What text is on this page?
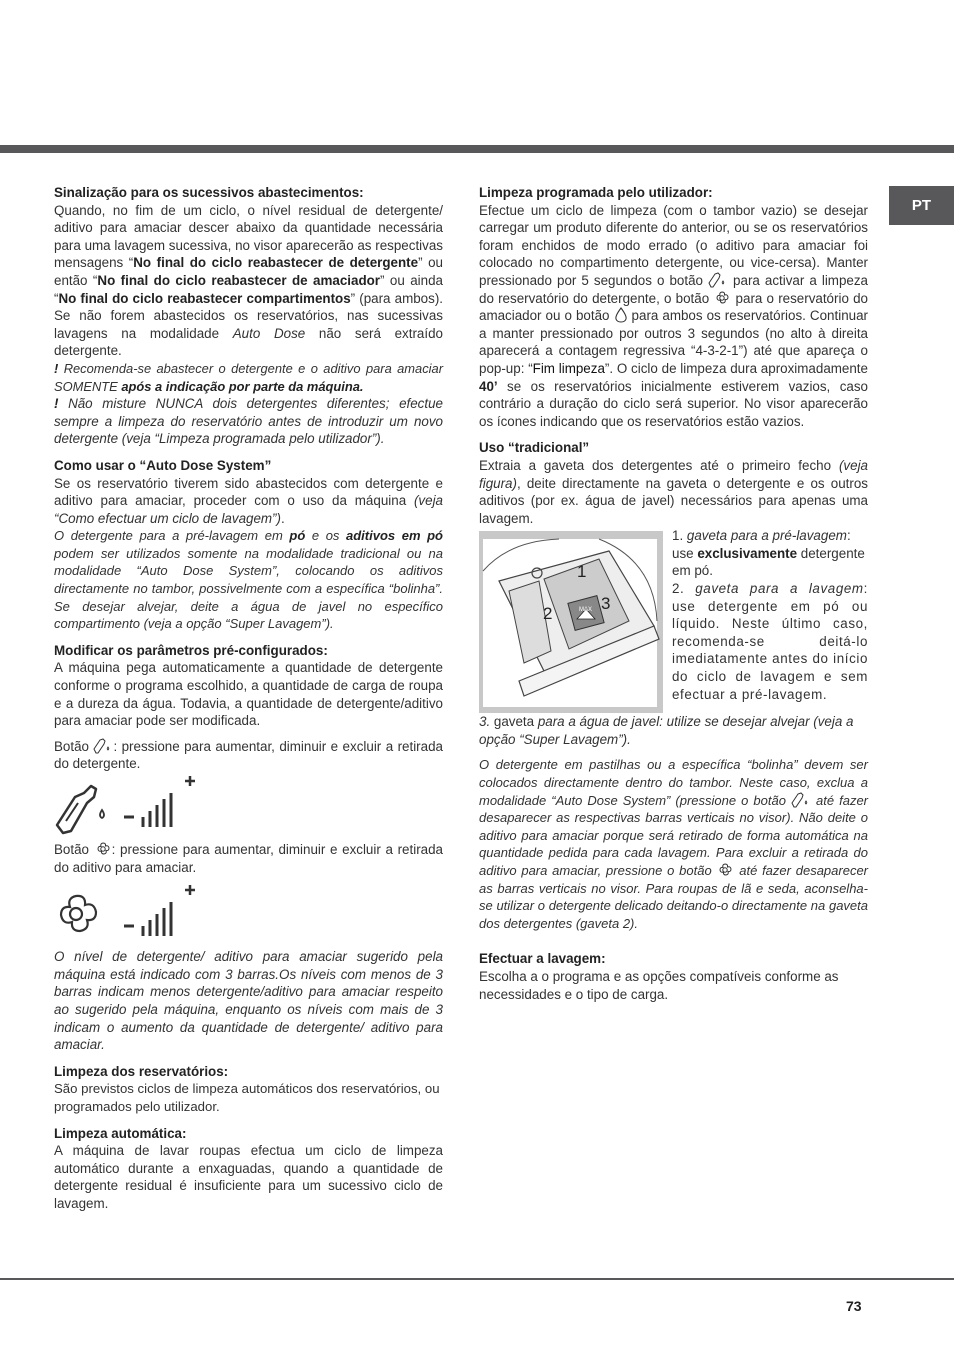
PT

Sinalização para os sucessivos abastecimentos:

Quando, no fim de um ciclo, o nível residual de detergente/ aditivo para amaciar descer abaixo da quantidade necessária para uma lavagem sucessiva, no visor aparecerão as respectivas mensagens “No final do ciclo reabastecer de detergente” ou então “No final do ciclo reabastecer de amaciador” ou ainda “No final do ciclo reabastecer compartimentos” (para ambos). Se não forem abastecidos os reservatórios, nas sucessivas lavagens na modalidade Auto Dose não será extraído detergente.

! Recomenda-se abastecer o detergente e o aditivo para amaciar SOMENTE após a indicação por parte da máquina.

! Não misture NUNCA dois detergentes diferentes; efectue sempre a limpeza do reservatório antes de introduzir um novo detergente (veja “Limpeza programada pelo utilizador”).

Como usar o “Auto Dose System”

Se os reservatório tiverem sido abastecidos com detergente e aditivo para amaciar, proceder com o uso da máquina (veja “Como efectuar um ciclo de lavagem”).

O detergente para a pré-lavagem em pó e os aditivos em pó podem ser utilizados somente na modalidade tradicional ou na modalidade “Auto Dose System”, colocando os aditivos directamente no tambor, possivelmente com a específica “bolinha”. Se desejar alvejar, deite a água de javel no específico compartimento (veja a opção “Super Lavagem”).

Modificar os parâmetros pré-configurados:

A máquina pega automaticamente a quantidade de detergente conforme o programa escolhido, a quantidade de carga de roupa e a dureza da água. Todavia, a quantidade de detergente/aditivo para amaciar pode ser modificada.

Botão : pressione para aumentar, diminuir e excluir a retirada do detergente.

Botão : pressione para aumentar, diminuir e excluir a retirada do aditivo para amaciar.

O nível de detergente/ aditivo para amaciar sugerido pela máquina está indicado com 3 barras.Os níveis com menos de 3 barras indicam menos detergente/aditivo para amaciar respeito ao sugerido pela máquina, enquanto os níveis com mais de 3 indicam o aumento da quantidade de detergente/ aditivo para amaciar.

Limpeza dos reservatórios:

São previstos ciclos de limpeza automáticos dos reservatórios, ou programados pelo utilizador.

Limpeza automática:

A máquina de lavar roupas efectua um ciclo de limpeza automático durante a enxaguadas, quando a quantidade de detergente residual é insuficiente para um sucessivo ciclo de lavagem.

Limpeza programada pelo utilizador:

Efectue um ciclo de limpeza (com o tambor vazio) se desejar carregar um produto diferente do anterior, ou se os reservatórios foram enchidos de modo errado (o aditivo para amaciar foi colocado no compartimento detergente, ou vice-cersa). Manter pressionado por 5 segundos o botão  para activar a limpeza do reservatório do detergente, o botão  para o reservatório do amaciador ou o botão  para ambos os reservatórios. Continuar a manter pressionado por outros 3 segundos (no alto à direita aparecerá a contagem regressiva “4-3-2-1”) até que apareça o pop-up: “Fim limpeza”. O ciclo de limpeza dura aproximadamente 40’ se os reservatórios inicialmente estiverem vazios, caso contrário a duração do ciclo será superior. No visor aparecerão os ícones indicando que os reservatórios estão vazios.

Uso “tradicional”

Extraia a gaveta dos detergentes até o primeiro fecho (veja figura), deite directamente na gaveta o detergente e os outros aditivos (por ex. água de javel) necessários para apenas uma lavagem.

1
2
3
MAX

1. gaveta para a pré-lavagem: use exclusivamente detergente em pó.

2. gaveta para a lavagem: use detergente em pó ou líquido. Neste último caso, recomenda-se deitá-lo imediatamente antes do início do ciclo de lavagem e sem efectuar a pré-lavagem.

3. gaveta para a água de javel: utilize se desejar alvejar (veja a opção “Super Lavagem”).

O detergente em pastilhas ou a específica “bolinha” devem ser colocados directamente dentro do tambor. Neste caso, exclua a modalidade “Auto Dose System” (pressione o botão  até fazer desaparecer as respectivas barras verticais no visor). Não deite o aditivo para amaciar porque será retirado de forma automática na quantidade pedida para cada lavagem. Para excluir a retirada do aditivo para amaciar, pressione o botão  até fazer desaparecer as barras verticais no visor. Para roupas de lã e seda, aconselha-se utilizar o detergente delicado deitando-o directamente na gaveta dos detergentes (gaveta 2).

Efectuar a lavagem:

Escolha a o programa e as opções compatíveis conforme as necessidades e o tipo de carga.

73
